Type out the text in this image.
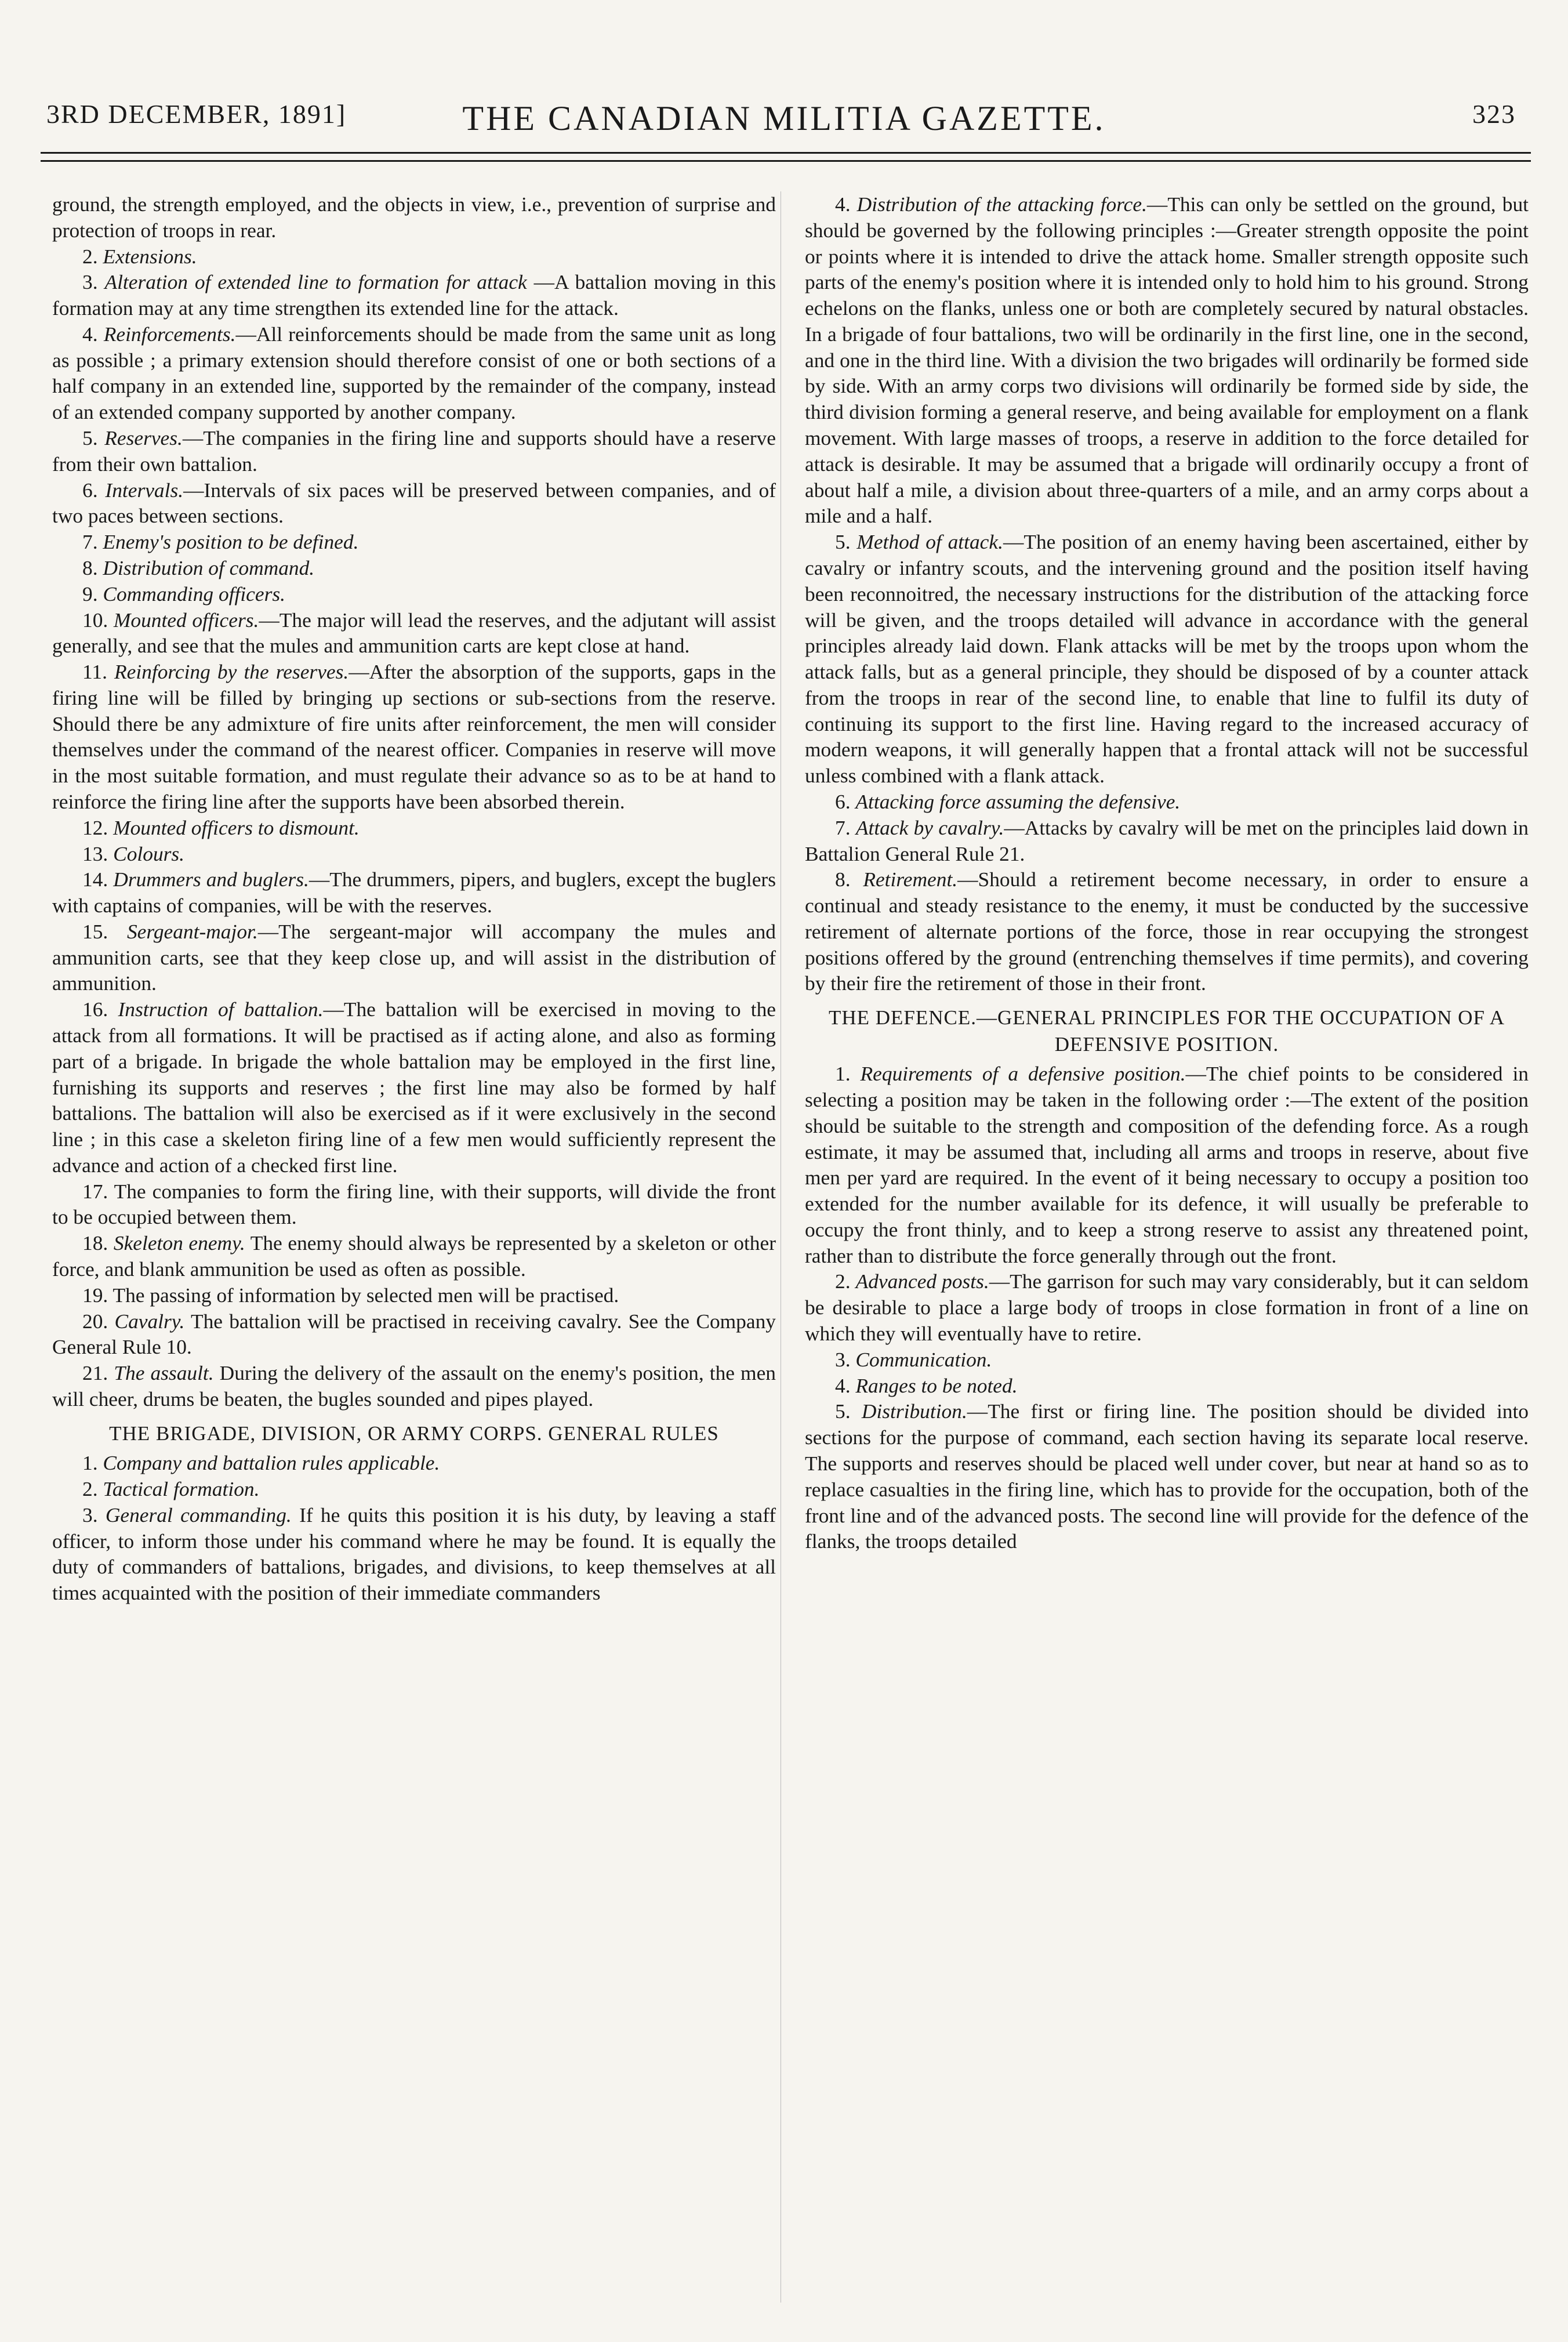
3RD DECEMBER, 1891]	THE CANADIAN MILITIA GAZETTE.	323

ground, the strength employed, and the objects in view, i.e., prevention of surprise and protection of troops in rear.

2. Extensions.

3. Alteration of extended line to formation for attack —A battalion moving in this formation may at any time strengthen its extended line for the attack.

4. Reinforcements.—All reinforcements should be made from the same unit as long as possible ; a primary extension should therefore consist of one or both sections of a half company in an extended line, supported by the remainder of the company, instead of an extended company supported by another company.

5. Reserves.—The companies in the firing line and supports should have a reserve from their own battalion.

6. Intervals.—Intervals of six paces will be preserved between companies, and of two paces between sections.

7. Enemy's position to be defined.

8. Distribution of command.

9. Commanding officers.

10. Mounted officers.—The major will lead the reserves, and the adjutant will assist generally, and see that the mules and ammunition carts are kept close at hand.

11. Reinforcing by the reserves.—After the absorption of the supports, gaps in the firing line will be filled by bringing up sections or sub-sections from the reserve. Should there be any admixture of fire units after reinforcement, the men will consider themselves under the command of the nearest officer. Companies in reserve will move in the most suitable formation, and must regulate their advance so as to be at hand to reinforce the firing line after the supports have been absorbed therein.

12. Mounted officers to dismount.

13. Colours.

14. Drummers and buglers.—The drummers, pipers, and buglers, except the buglers with captains of companies, will be with the reserves.

15. Sergeant-major.—The sergeant-major will accompany the mules and ammunition carts, see that they keep close up, and will assist in the distribution of ammunition.

16. Instruction of battalion.—The battalion will be exercised in moving to the attack from all formations. It will be practised as if acting alone, and also as forming part of a brigade. In brigade the whole battalion may be employed in the first line, furnishing its supports and reserves ; the first line may also be formed by half battalions. The battalion will also be exercised as if it were exclusively in the second line ; in this case a skeleton firing line of a few men would sufficiently represent the advance and action of a checked first line.

17. The companies to form the firing line, with their supports, will divide the front to be occupied between them.

18. Skeleton enemy. The enemy should always be represented by a skeleton or other force, and blank ammunition be used as often as possible.

19. The passing of information by selected men will be practised.

20. Cavalry. The battalion will be practised in receiving cavalry. See the Company General Rule 10.

21. The assault. During the delivery of the assault on the enemy's position, the men will cheer, drums be beaten, the bugles sounded and pipes played.

THE BRIGADE, DIVISION, OR ARMY CORPS. GENERAL RULES

1. Company and battalion rules applicable.

2. Tactical formation.

3. General commanding. If he quits this position it is his duty, by leaving a staff officer, to inform those under his command where he may be found. It is equally the duty of commanders of battalions, brigades, and divisions, to keep themselves at all times acquainted with the position of their immediate commanders

4. Distribution of the attacking force.—This can only be settled on the ground, but should be governed by the following principles :—Greater strength opposite the point or points where it is intended to drive the attack home. Smaller strength opposite such parts of the enemy's position where it is intended only to hold him to his ground. Strong echelons on the flanks, unless one or both are completely secured by natural obstacles. In a brigade of four battalions, two will be ordinarily in the first line, one in the second, and one in the third line. With a division the two brigades will ordinarily be formed side by side. With an army corps two divisions will ordinarily be formed side by side, the third division forming a general reserve, and being available for employment on a flank movement. With large masses of troops, a reserve in addition to the force detailed for attack is desirable. It may be assumed that a brigade will ordinarily occupy a front of about half a mile, a division about three-quarters of a mile, and an army corps about a mile and a half.

5. Method of attack.—The position of an enemy having been ascertained, either by cavalry or infantry scouts, and the intervening ground and the position itself having been reconnoitred, the necessary instructions for the distribution of the attacking force will be given, and the troops detailed will advance in accordance with the general principles already laid down. Flank attacks will be met by the troops upon whom the attack falls, but as a general principle, they should be disposed of by a counter attack from the troops in rear of the second line, to enable that line to fulfil its duty of continuing its support to the first line. Having regard to the increased accuracy of modern weapons, it will generally happen that a frontal attack will not be successful unless combined with a flank attack.

6. Attacking force assuming the defensive.

7. Attack by cavalry.—Attacks by cavalry will be met on the principles laid down in Battalion General Rule 21.

8. Retirement.—Should a retirement become necessary, in order to ensure a continual and steady resistance to the enemy, it must be conducted by the successive retirement of alternate portions of the force, those in rear occupying the strongest positions offered by the ground (entrenching themselves if time permits), and covering by their fire the retirement of those in their front.

THE DEFENCE.—GENERAL PRINCIPLES FOR THE OCCUPATION OF A DEFENSIVE POSITION.

1. Requirements of a defensive position.—The chief points to be considered in selecting a position may be taken in the following order :—The extent of the position should be suitable to the strength and composition of the defending force. As a rough estimate, it may be assumed that, including all arms and troops in reserve, about five men per yard are required. In the event of it being necessary to occupy a position too extended for the number available for its defence, it will usually be preferable to occupy the front thinly, and to keep a strong reserve to assist any threatened point, rather than to distribute the force generally through out the front.

2. Advanced posts.—The garrison for such may vary considerably, but it can seldom be desirable to place a large body of troops in close formation in front of a line on which they will eventually have to retire.

3. Communication.

4. Ranges to be noted.

5. Distribution.—The first or firing line. The position should be divided into sections for the purpose of command, each section having its separate local reserve. The supports and reserves should be placed well under cover, but near at hand so as to replace casualties in the firing line, which has to provide for the occupation, both of the front line and of the advanced posts. The second line will provide for the defence of the flanks, the troops detailed
